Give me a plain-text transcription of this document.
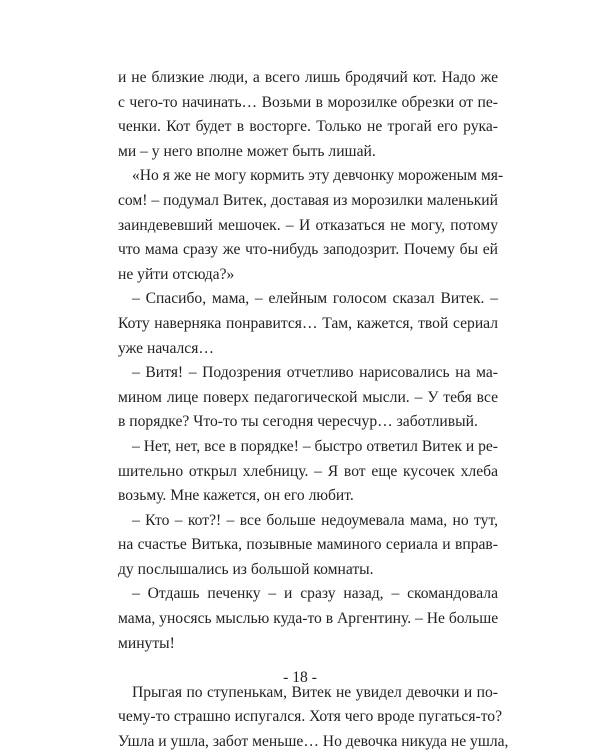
и не близкие люди, а всего лишь бродячий кот. Надо же
с чего-то начинать… Возьми в морозилке обрезки от пе-
ченки. Кот будет в восторге. Только не трогай его рука-
ми – у него вполне может быть лишай.
«Но я же не могу кормить эту девчонку мороженым мя-
сом! – подумал Витек, доставая из морозилки маленький
заиндевевший мешочек. – И отказаться не могу, потому
что мама сразу же что-нибудь заподозрит. Почему бы ей
не уйти отсюда?»
– Спасибо, мама, – елейным голосом сказал Витек. –
Коту наверняка понравится… Там, кажется, твой сериал
уже начался…
– Витя! – Подозрения отчетливо нарисовались на ма-
мином лице поверх педагогической мысли. – У тебя все
в порядке? Что-то ты сегодня чересчур… заботливый.
– Нет, нет, все в порядке! – быстро ответил Витек и ре-
шительно открыл хлебницу. – Я вот еще кусочек хлеба
возьму. Мне кажется, он его любит.
– Кто – кот?! – все больше недоумевала мама, но тут,
на счастье Витька, позывные маминого сериала и вправ-
ду послышались из большой комнаты.
– Отдашь печенку – и сразу назад, – скомандовала
мама, уносясь мыслью куда-то в Аргентину. – Не больше
минуты!
Прыгая по ступенькам, Витек не увидел девочки и по-
чему-то страшно испугался. Хотя чего вроде пугаться-то?
Ушла и ушла, забот меньше… Но девочка никуда не ушла,
- 18 -
